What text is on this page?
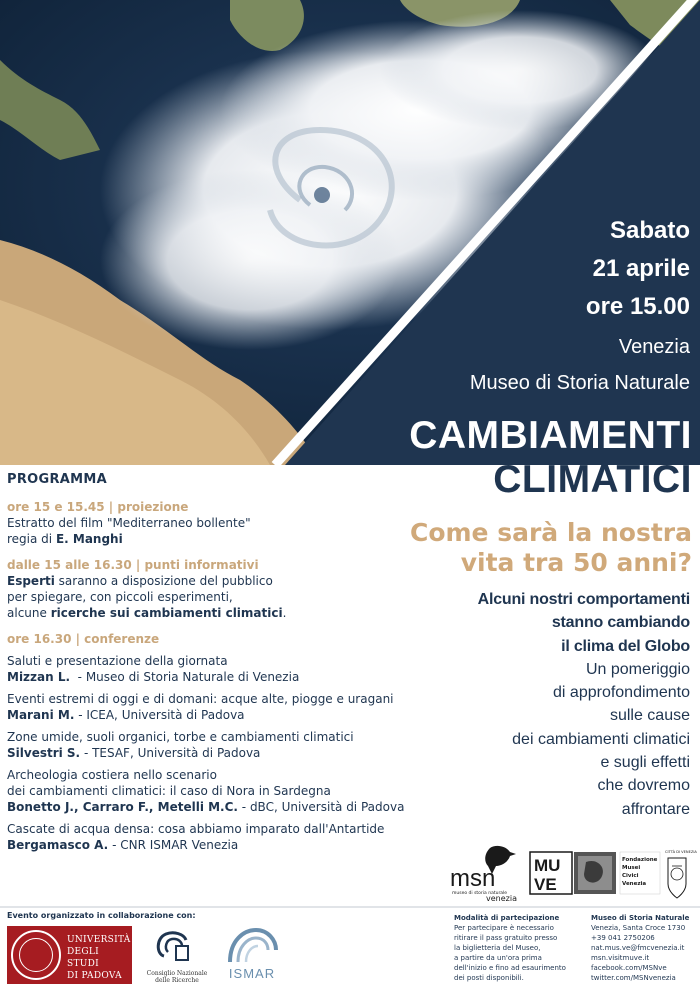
Sabato
21 aprile
ore 15.00
Venezia
Museo di Storia Naturale
CAMBIAMENTI
CLIMATICI
Come sarà la nostra
vita tra 50 anni?
Alcuni nostri comportamenti
stanno cambiando
il clima del Globo
Un pomeriggio
di approfondimento
sulle cause
dei cambiamenti climatici
e sugli effetti
che dovremo
affrontare
PROGRAMMA
ore 15 e 15.45 | proiezione
Estratto del film "Mediterraneo bollente"
regia di E. Manghi
dalle 15 alle 16.30 | punti informativi
Esperti saranno a disposizione del pubblico
per spiegare, con piccoli esperimenti,
alcune ricerche sui cambiamenti climatici.
ore 16.30 | conferenze
Saluti e presentazione della giornata
Mizzan L.  - Museo di Storia Naturale di Venezia
Eventi estremi di oggi e di domani: acque alte, piogge e uragani
Marani M. - ICEA, Università di Padova
Zone umide, suoli organici, torbe e cambiamenti climatici
Silvestri S. - TESAF, Università di Padova
Archeologia costiera nello scenario
dei cambiamenti climatici: il caso di Nora in Sardegna
Bonetto J., Carraro F., Metelli M.C. - dBC, Università di Padova
Cascate di acqua densa: cosa abbiamo imparato dall'Antartide
Bergamasco A. - CNR ISMAR Venezia
msn
museo di storia naturale
venezia
MU
VE
Fondazione
Musei
Civici
Venezia
CITTÀ DI VENEZIA
Evento organizzato in collaborazione con:
UNIVERSITÀ
DEGLI STUDI
DI PADOVA	Consiglio Nazionale
delle Ricerche	ISMAR
Modalità di partecipazione
Per partecipare è necessario
ritirare il pass gratuito presso
la biglietteria del Museo,
a partire da un'ora prima
dell'inizio e fino ad esaurimento
dei posti disponibili.
Museo di Storia Naturale
Venezia, Santa Croce 1730
+39 041 2750206
nat.mus.ve@fmcvenezia.it
msn.visitmuve.it
facebook.com/MSNve
twitter.com/MSNvenezia
